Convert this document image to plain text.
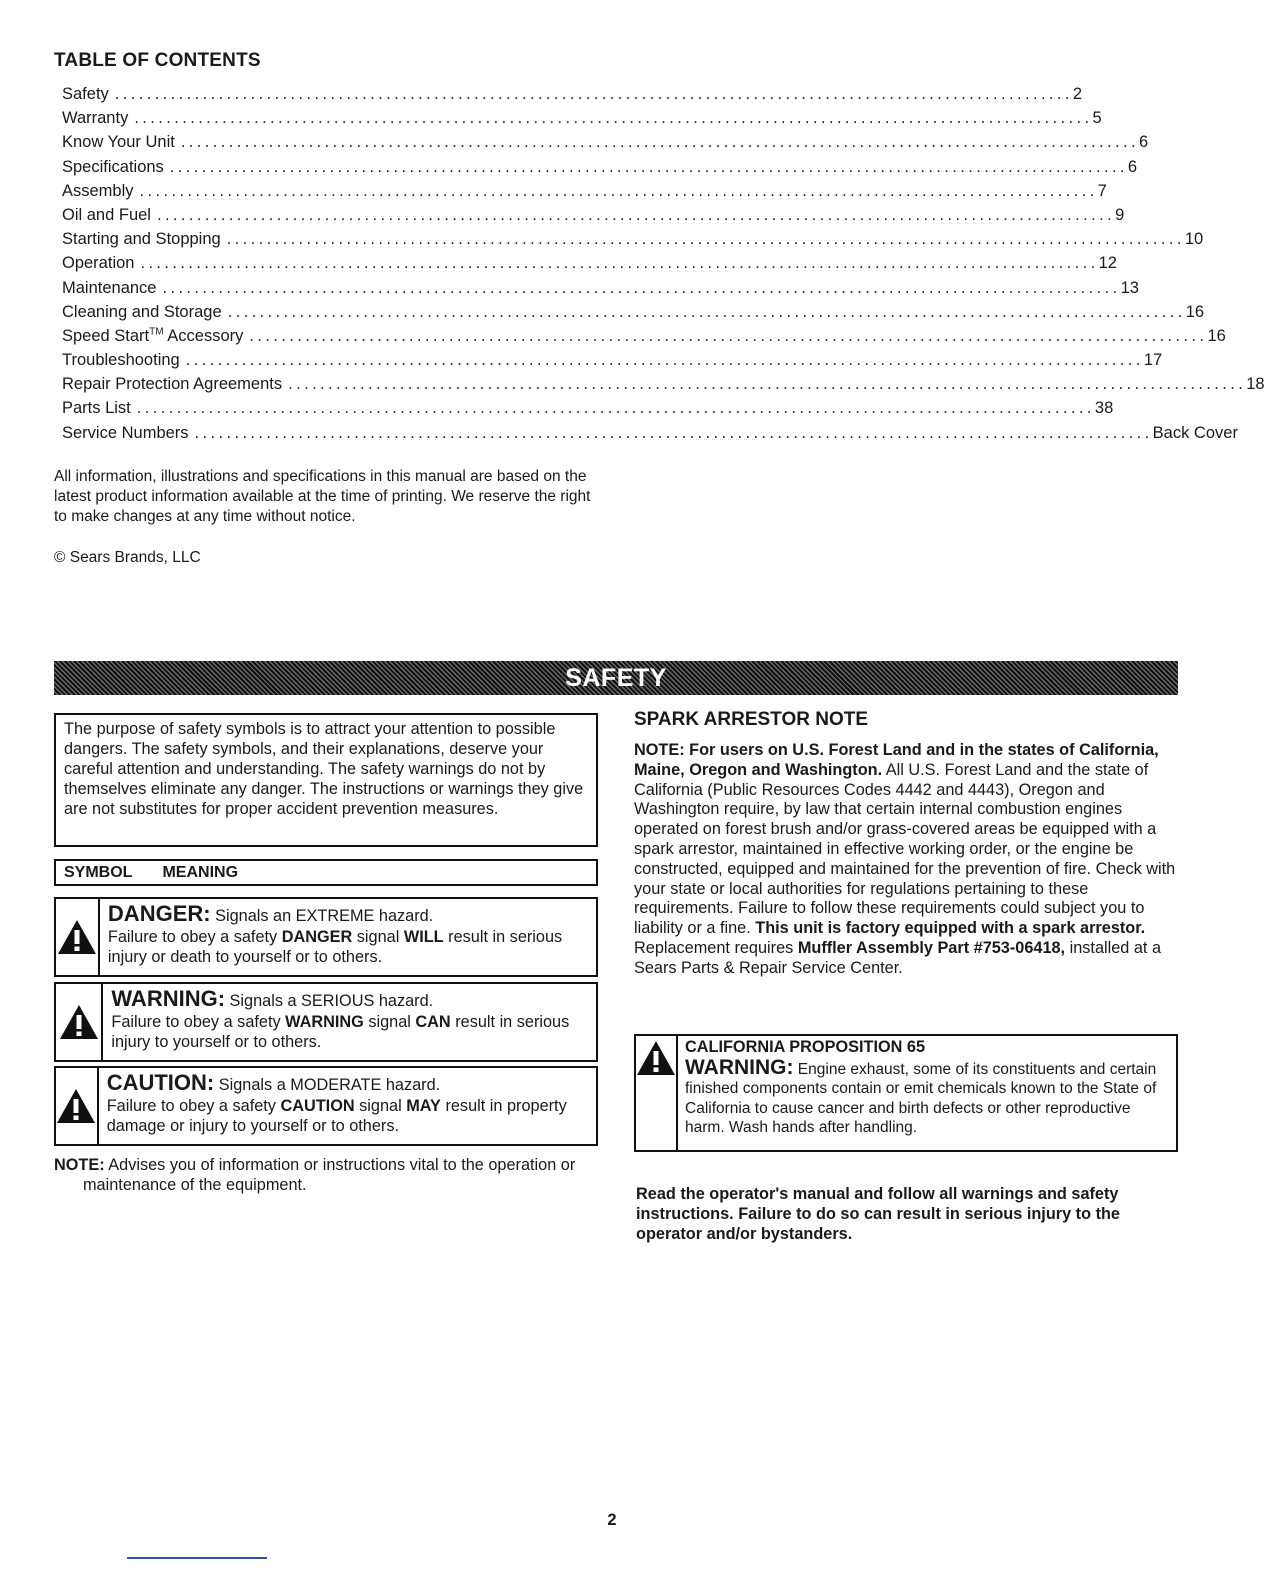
TABLE OF CONTENTS
Safety ........................................................................................................................ 2
Warranty ........................................................................................................................ 5
Know Your Unit ........................................................................................................................ 6
Specifications ........................................................................................................................ 6
Assembly ........................................................................................................................ 7
Oil and Fuel ........................................................................................................................ 9
Starting and Stopping ........................................................................................................................ 10
Operation ........................................................................................................................ 12
Maintenance ........................................................................................................................ 13
Cleaning and Storage ........................................................................................................................ 16
Speed Start™ Accessory ........................................................................................................................ 16
Troubleshooting ........................................................................................................................ 17
Repair Protection Agreements ........................................................................................................................ 18
Parts List ........................................................................................................................ 38
Service Numbers ........................................................................................................................ Back Cover
All information, illustrations and specifications in this manual are based on the latest product information available at the time of printing. We reserve the right to make changes at any time without notice.
© Sears Brands, LLC
SAFETY
The purpose of safety symbols is to attract your attention to possible dangers. The safety symbols, and their explanations, deserve your careful attention and understanding. The safety warnings do not by themselves eliminate any danger. The instructions or warnings they give are not substitutes for proper accident prevention measures.
SYMBOL MEANING
DANGER: Signals an EXTREME hazard.
Failure to obey a safety DANGER signal WILL result in serious injury or death to yourself or to others.
WARNING: Signals a SERIOUS hazard.
Failure to obey a safety WARNING signal CAN result in serious injury to yourself or to others.
CAUTION: Signals a MODERATE hazard.
Failure to obey a safety CAUTION signal MAY result in property damage or injury to yourself or to others.
NOTE: Advises you of information or instructions vital to the operation or maintenance of the equipment.
SPARK ARRESTOR NOTE
NOTE: For users on U.S. Forest Land and in the states of California, Maine, Oregon and Washington. All U.S. Forest Land and the state of California (Public Resources Codes 4442 and 4443), Oregon and Washington require, by law that certain internal combustion engines operated on forest brush and/or grass-covered areas be equipped with a spark arrestor, maintained in effective working order, or the engine be constructed, equipped and maintained for the prevention of fire. Check with your state or local authorities for regulations pertaining to these requirements. Failure to follow these requirements could subject you to liability or a fine. This unit is factory equipped with a spark arrestor. Replacement requires Muffler Assembly Part #753-06418, installed at a Sears Parts & Repair Service Center.
CALIFORNIA PROPOSITION 65
WARNING: Engine exhaust, some of its constituents and certain finished components contain or emit chemicals known to the State of California to cause cancer and birth defects or other reproductive harm. Wash hands after handling.
Read the operator's manual and follow all warnings and safety instructions. Failure to do so can result in serious injury to the operator and/or bystanders.
2
